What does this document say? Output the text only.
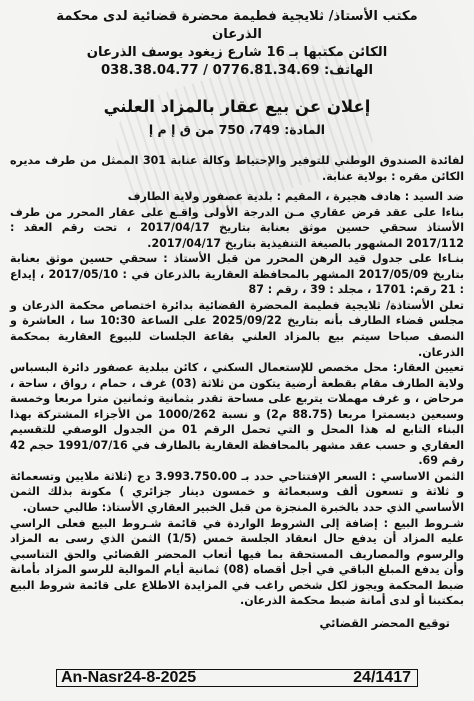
مكتب الأستاذ/ ثلايجية فطيمة محضرة قضائية لدى محكمة
الذرعان
الكائن مكتبها بـ 16 شارع زيغود يوسف الذرعان
الهاتف: 0776.81.34.69 / 038.38.04.77
إعلان عن بيع عقار بالمزاد العلني
المادة: 749، 750 من ق إ م إ

لفائدة الصندوق الوطني للتوفير والإحتياط وكالة عنابة 301 الممثل من طرف مديره الكائن مقره : بولاية عنابة.

ضد السيد : هادف هجيرة ، المقيم : بلدية عصفور ولاية الطارف

بناءا على عقد قرض عقاري مـن الدرجة الأولى واقـع على عقار المحرر من طرف الأستاذ سحقي حسين موثق بعنابة بتاريخ 2017/04/17 ، تحت رقم العقد : 2017/112 المشهور بالصيغة التنفيذية بتاريخ 2017/04/17.

بنـاءا على جدول قيد الرهن المحرر من قبل الأستاذ : سحقي حسين موثق بعنابة بتاريخ 2017/05/09 المشهر بالمحافظة العقارية بالذرعان في : 2017/05/10 ، إيداع : 21 رقم: 1701 ، مجلد : 39 ، رقم : 87

تعلن الأستاذة/ ثلايجية فطيمة المحضرة القضائية بدائرة اختصاص محكمة الذرعان و مجلس قضاء الطارف بأنه بتاريخ 2025/09/22 على الساعة 10:30 سا ، العاشرة و النصف صباحا سيتم بيع بالمزاد العلني بقاعة الجلسات للبيوع العقارية بمحكمة الذرعان.

تعيين العقار: محل مخصص للإستعمال السكني ، كائن ببلدية عصفور دائرة البسباس ولاية الطارف مقام بقطعة أرضية يتكون من ثلاثة (03) غرف ، حمام ، رواق ، ساحة ، مرحاض ، و غرف مهملات يتربع على مساحة تقدر بثمانية وثمانين مترا مربعا وخمسة وسبعين ديسمترا مربعا (88.75 م2) و نسبة 1000/262 من الأجزاء المشتركة بهذا البناء التابع له هذا المحل و التي تحمل الرقم 01 من الجدول الوصفي للتقسيم العقاري و حسب عقد مشهر بالمحافظة العقارية بالطارف في 1991/07/16 حجم 42 رقم 69.

الثمن الاساسي : السعر الإفتتاحي حدد بـ 3.993.750.00 دج (ثلاثة ملايين وتسعمائة و ثلاثة و تسعون ألف وسبعمائة و خمسون دينار جزائري ) مكونة بذلك الثمن الأساسي الذي حدد بالخبرة المنجزة من قبل الخبير العقاري الأستاذ: طالبي حسان.

شـروط البيع : إضافة إلى الشروط الواردة في قائمة شـروط البيع فعلى الراسي عليه المزاد أن يدفع حال انعقاد الجلسة خمس (1/5) الثمن الذي رسى به المزاد والرسوم والمصاريف المستحقة بما فيها أتعاب المحضر القضائي والحق التناسبي وأن يدفع المبلغ الباقي في أجل أقصاه (08) ثمانية أيام الموالية للرسو المزاد بأمانة ضبط المحكمة ويجوز لكل شخص راغب في المزايدة الاطلاع على قائمة شروط البيع بمكتبنا أو لدى أمانة ضبط محكمة الذرعان.

توقيع المحضر القضائي
An-Nasr24-8-2025	24/1417
